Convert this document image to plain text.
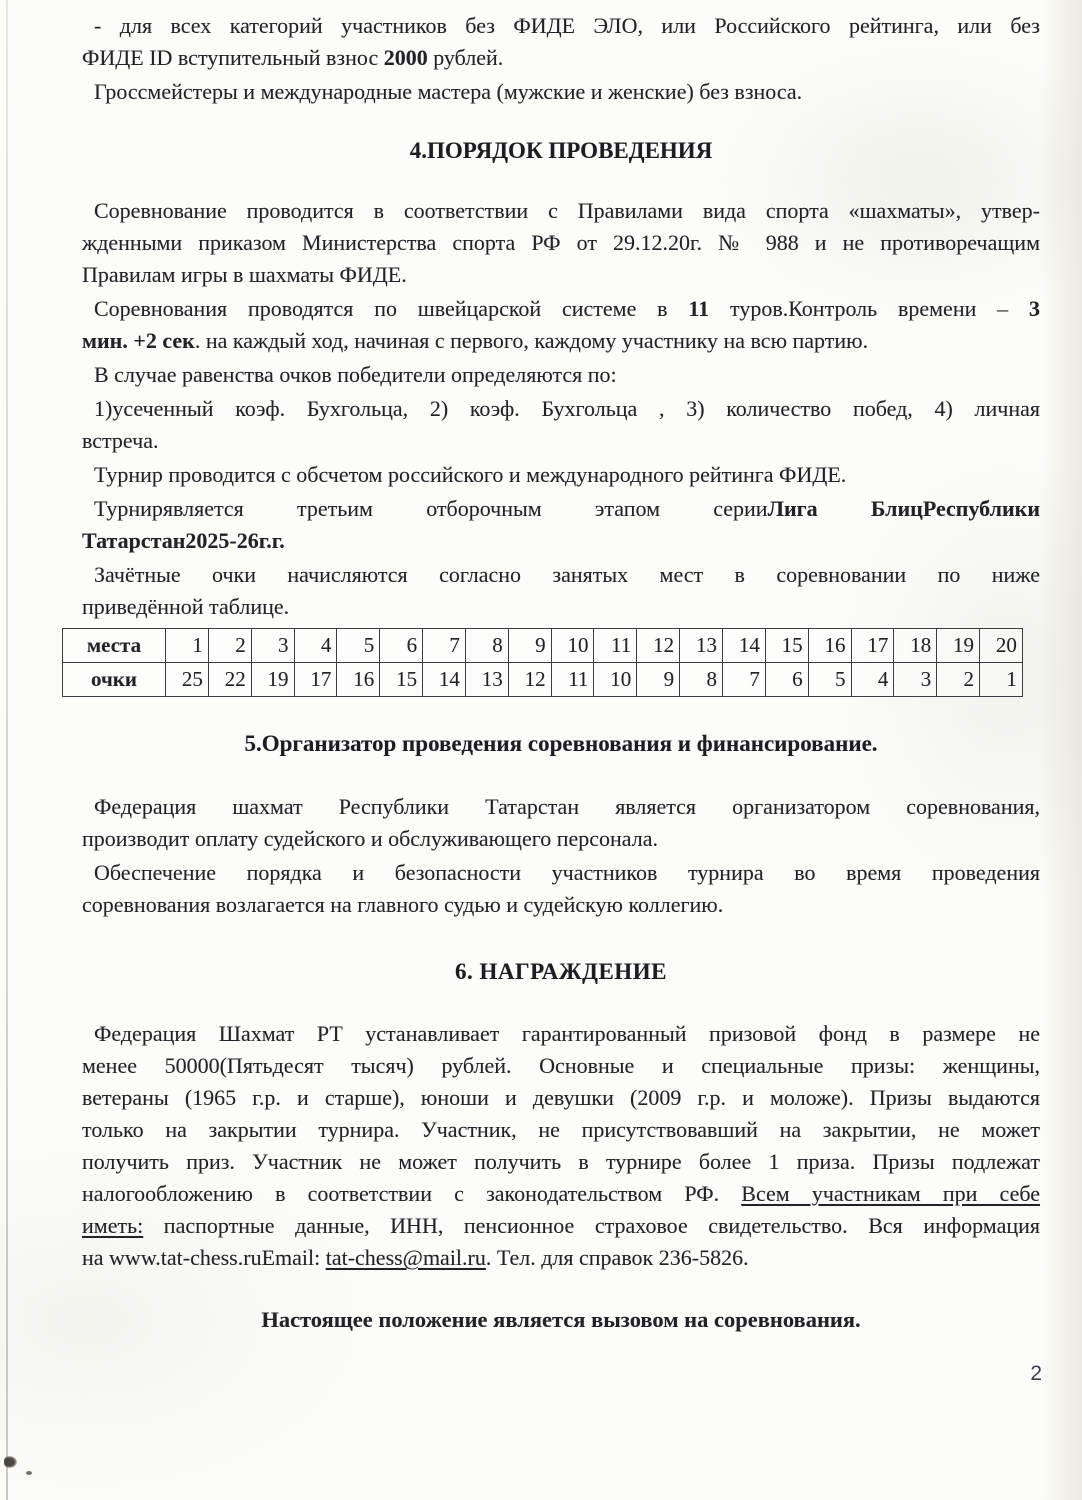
- для всех категорий участников без ФИДЕ ЭЛО, или Российского рейтинга, или без
ФИДЕ ID вступительный взнос 2000 рублей.
Гроссмейстеры и международные мастера (мужские и женские) без взноса.
4.ПОРЯДОК ПРОВЕДЕНИЯ
Соревнование проводится в соответствии с Правилами вида спорта «шахматы», утвер-
жденными приказом Министерства спорта РФ от 29.12.20г. № 988 и не противоречащим
Правилам игры в шахматы ФИДЕ.
Соревнования проводятся по швейцарской системе в 11 туров.Контроль времени – 3
мин. +2 сек. на каждый ход, начиная с первого, каждому участнику на всю партию.
В случае равенства очков победители определяются по:
1)усеченный коэф. Бухгольца, 2) коэф. Бухгольца , 3) количество побед, 4) личная
встреча.
Турнир проводится с обсчетом российского и международного рейтинга ФИДЕ.
Турнирявляется третьим отборочным этапом серииЛига БлицРеспублики
Татарстан2025-26г.г.
Зачётные очки начисляются согласно занятых мест в соревновании по ниже
приведённой таблице.
места	1	2	3	4	5	6	7	8	9	10	11	12	13	14	15	16	17	18	19	20
очки	25	22	19	17	16	15	14	13	12	11	10	9	8	7	6	5	4	3	2	1
5.Организатор проведения соревнования и финансирование.
Федерация шахмат Республики Татарстан является организатором соревнования,
производит оплату судейского и обслуживающего персонала.
Обеспечение порядка и безопасности участников турнира во время проведения
соревнования возлагается на главного судью и судейскую коллегию.
6. НАГРАЖДЕНИЕ
Федерация Шахмат РТ устанавливает гарантированный призовой фонд в размере не
менее 50000(Пятьдесят тысяч) рублей. Основные и специальные призы: женщины,
ветераны (1965 г.р. и старше), юноши и девушки (2009 г.р. и моложе). Призы выдаются
только на закрытии турнира. Участник, не присутствовавший на закрытии, не может
получить приз. Участник не может получить в турнире более 1 приза. Призы подлежат
налогообложению в соответствии с законодательством РФ. Всем участникам при себе
иметь: паспортные данные, ИНН, пенсионное страховое свидетельство. Вся информация
на www.tat-chess.ruEmail: tat-chess@mail.ru. Тел. для справок 236-5826.
Настоящее положение является вызовом на соревнования.
2
